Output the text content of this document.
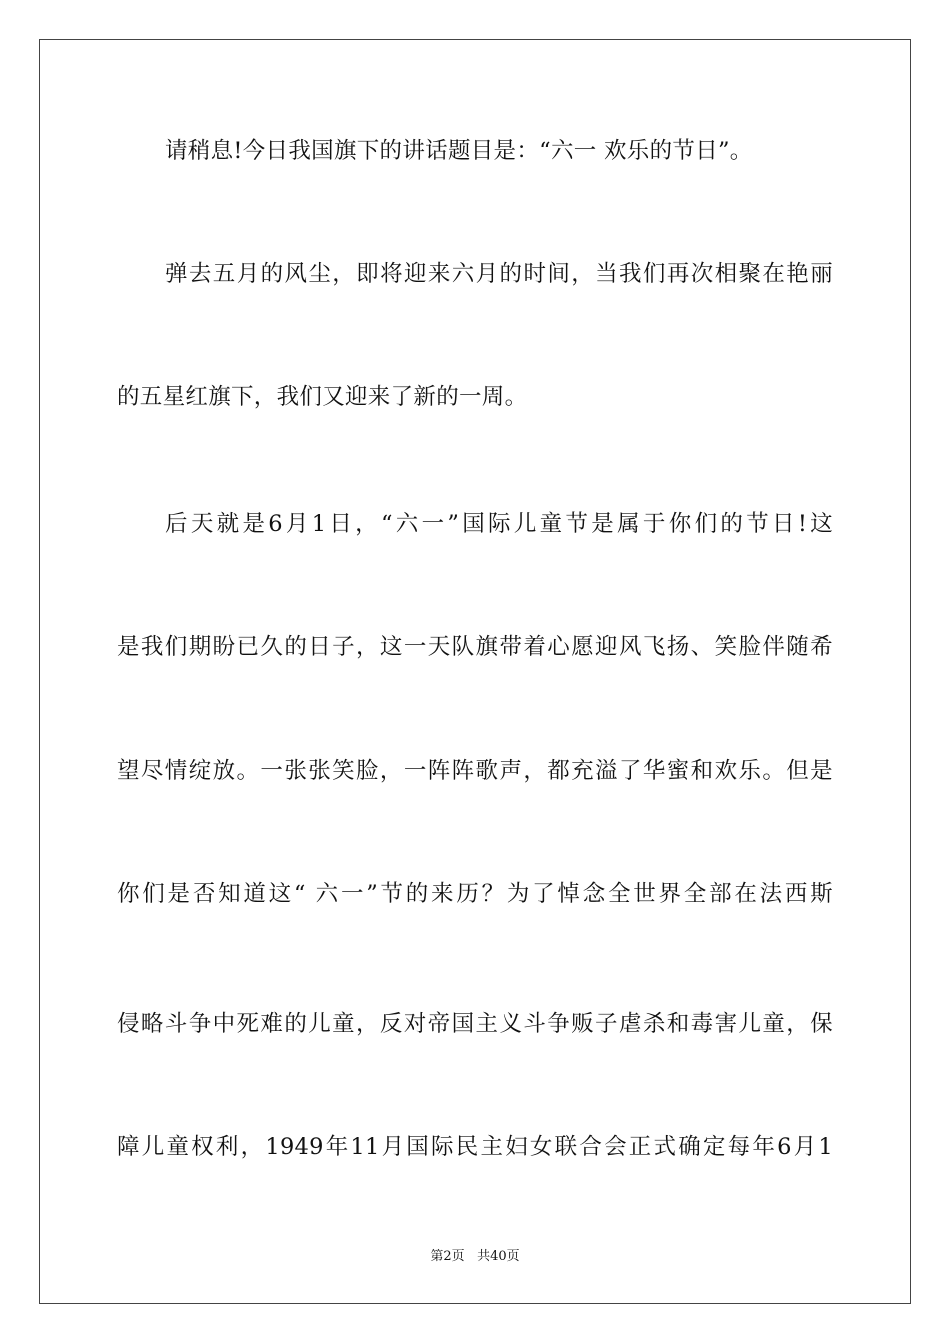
请稍息!今日我国旗下的讲话题目是：“六一 欢乐的节日”。
弹去五月的风尘，即将迎来六月的时间，当我们再次相聚在艳丽
的五星红旗下，我们又迎来了新的一周。
后天就是6月1日，“六一”国际儿童节是属于你们的节日!这
是我们期盼已久的日子，这一天队旗带着心愿迎风飞扬、笑脸伴随希
望尽情绽放。一张张笑脸，一阵阵歌声，都充溢了华蜜和欢乐。但是
你们是否知道这“ 六一”节的来历？为了悼念全世界全部在法西斯
侵略斗争中死难的儿童，反对帝国主义斗争贩子虐杀和毒害儿童，保
障儿童权利，1949年11月国际民主妇女联合会正式确定每年6月1
第2页 共40页
